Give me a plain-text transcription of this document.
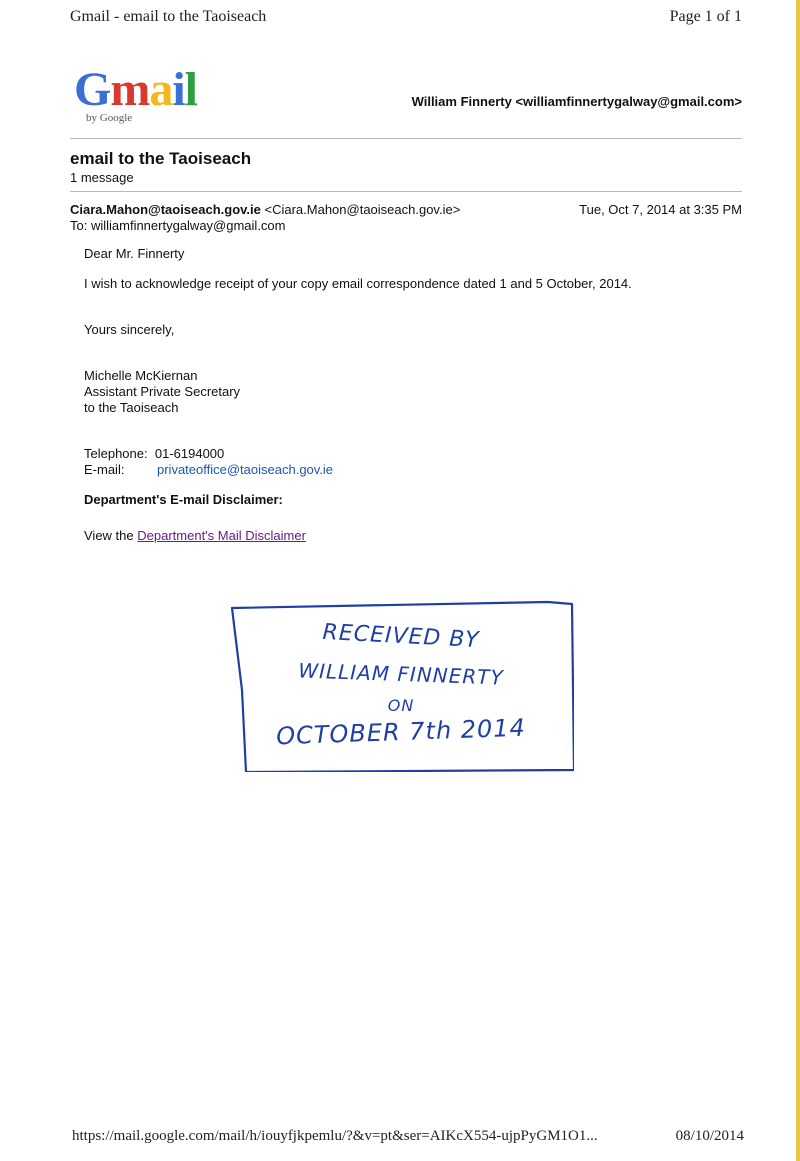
Gmail - email to the Taoiseach	Page 1 of 1
Gmail
by Google
William Finnerty <williamfinnertygalway@gmail.com>
email to the Taoiseach
1 message
Ciara.Mahon@taoiseach.gov.ie <Ciara.Mahon@taoiseach.gov.ie>	Tue, Oct 7, 2014 at 3:35 PM
To: williamfinnertygalway@gmail.com

Dear Mr. Finnerty

I wish to acknowledge receipt of your copy email correspondence dated 1 and 5 October, 2014.

Yours sincerely,

Michelle McKiernan

Assistant Private Secretary

to the Taoiseach

Telephone: 01-6194000

E-mail:	privateoffice@taoiseach.gov.ie

Department's E-mail Disclaimer:

View the Department's Mail Disclaimer

RECEIVED BY
WILLIAM FINNERTY
ON
OCTOBER 7th 2014
https://mail.google.com/mail/h/iouyfjkpemlu/?&v=pt&ser=AIKcX554-ujpPyGM1O1...	08/10/2014
